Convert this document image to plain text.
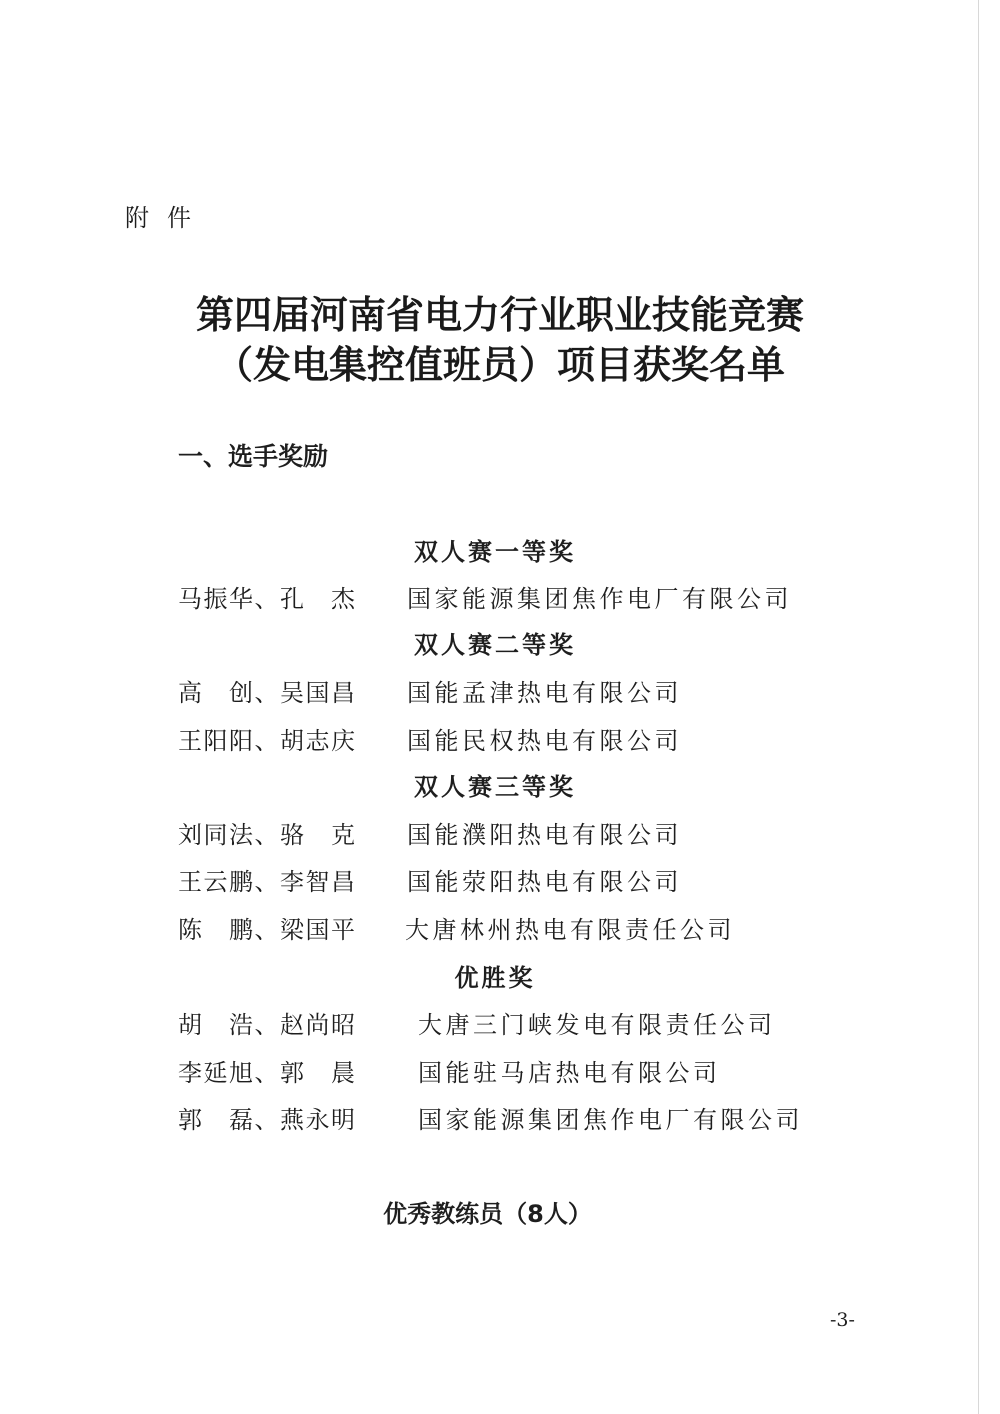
附件
第四届河南省电力行业职业技能竞赛
（发电集控值班员）项目获奖名单
一、选手奖励
双人赛一等奖
马振华、孔　杰 国家能源集团焦作电厂有限公司
双人赛二等奖
高　创、吴国昌 国能孟津热电有限公司
王阳阳、胡志庆 国能民权热电有限公司
双人赛三等奖
刘同法、骆　克 国能濮阳热电有限公司
王云鹏、李智昌 国能荥阳热电有限公司
陈　鹏、梁国平 大唐林州热电有限责任公司
优胜奖
胡　浩、赵尚昭	大唐三门峡发电有限责任公司
李延旭、郭　晨	国能驻马店热电有限公司
郭　磊、燕永明	国家能源集团焦作电厂有限公司
优秀教练员（8人）
-3-
